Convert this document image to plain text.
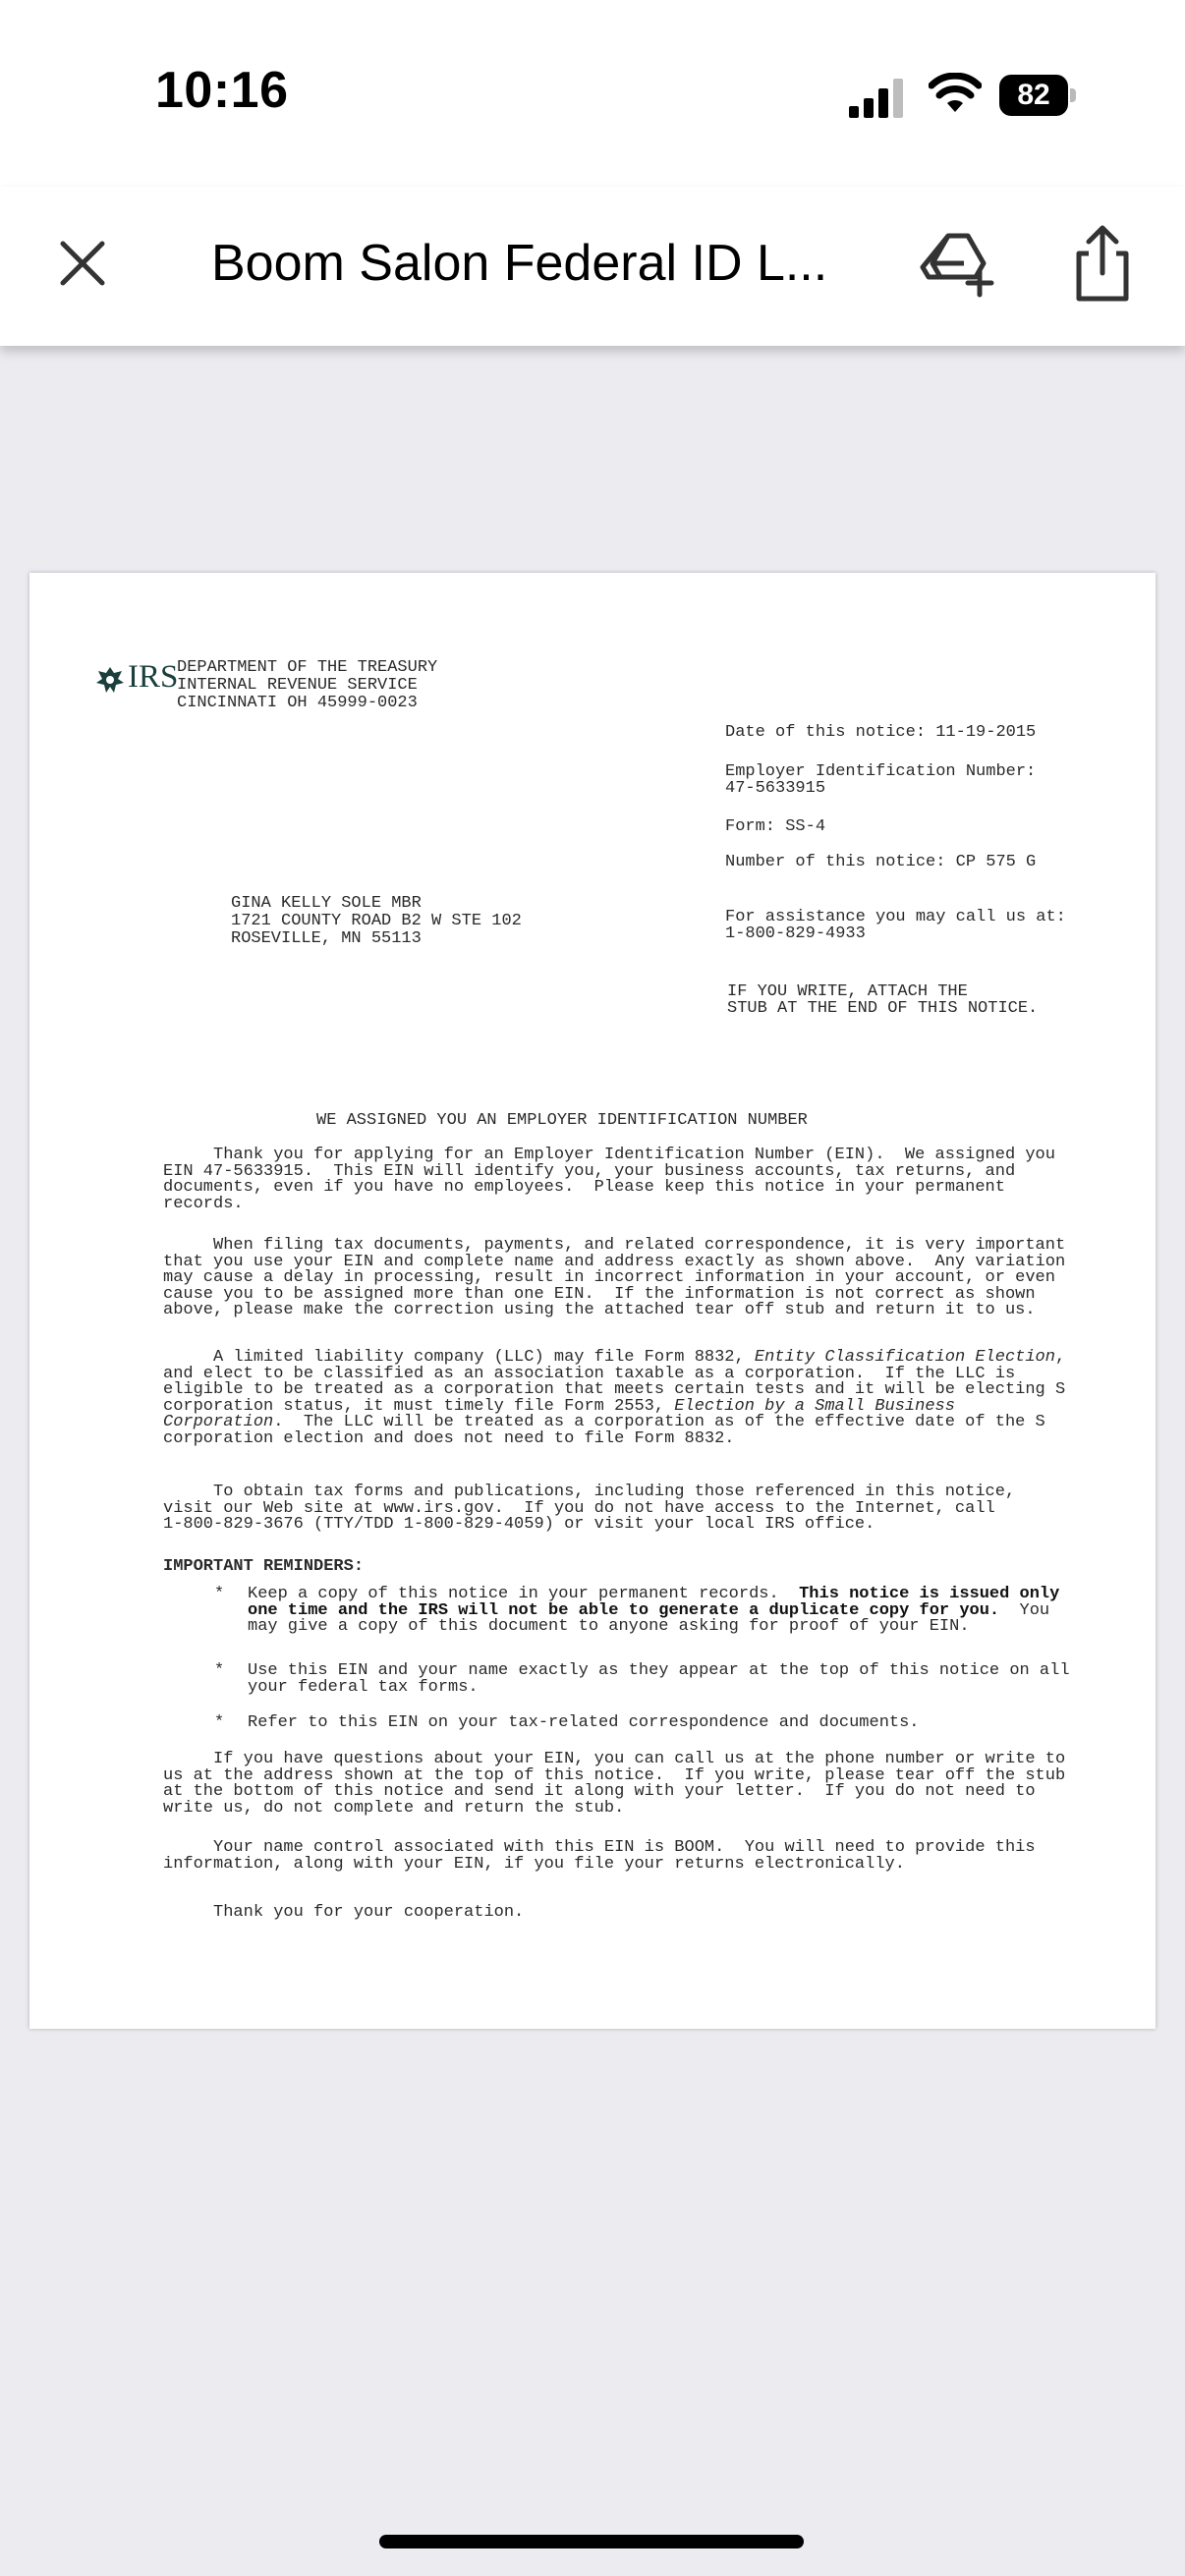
10:16	82
Boom Salon Federal ID L...
IRS
DEPARTMENT OF THE TREASURY
INTERNAL REVENUE SERVICE
CINCINNATI OH 45999-0023
Date of this notice: 11-19-2015
Employer Identification Number:
47-5633915
Form: SS-4
Number of this notice: CP 575 G
For assistance you may call us at:
1-800-829-4933
IF YOU WRITE, ATTACH THE
STUB AT THE END OF THIS NOTICE.
GINA KELLY SOLE MBR
1721 COUNTY ROAD B2 W STE 102
ROSEVILLE, MN 55113
WE ASSIGNED YOU AN EMPLOYER IDENTIFICATION NUMBER
Thank you for applying for an Employer Identification Number (EIN).  We assigned you
EIN 47-5633915.  This EIN will identify you, your business accounts, tax returns, and
documents, even if you have no employees.  Please keep this notice in your permanent
records.
When filing tax documents, payments, and related correspondence, it is very important
that you use your EIN and complete name and address exactly as shown above.  Any variation
may cause a delay in processing, result in incorrect information in your account, or even
cause you to be assigned more than one EIN.  If the information is not correct as shown
above, please make the correction using the attached tear off stub and return it to us.
A limited liability company (LLC) may file Form 8832, Entity Classification Election,
and elect to be classified as an association taxable as a corporation.  If the LLC is
eligible to be treated as a corporation that meets certain tests and it will be electing S
corporation status, it must timely file Form 2553, Election by a Small Business
Corporation.  The LLC will be treated as a corporation as of the effective date of the S
corporation election and does not need to file Form 8832.
To obtain tax forms and publications, including those referenced in this notice,
visit our Web site at www.irs.gov.  If you do not have access to the Internet, call
1-800-829-3676 (TTY/TDD 1-800-829-4059) or visit your local IRS office.
IMPORTANT REMINDERS:
* Keep a copy of this notice in your permanent records.  This notice is issued only
one time and the IRS will not be able to generate a duplicate copy for you.  You
may give a copy of this document to anyone asking for proof of your EIN.
* Use this EIN and your name exactly as they appear at the top of this notice on all
your federal tax forms.
* Refer to this EIN on your tax-related correspondence and documents.
If you have questions about your EIN, you can call us at the phone number or write to
us at the address shown at the top of this notice.  If you write, please tear off the stub
at the bottom of this notice and send it along with your letter.  If you do not need to
write us, do not complete and return the stub.
Your name control associated with this EIN is BOOM.  You will need to provide this
information, along with your EIN, if you file your returns electronically.
Thank you for your cooperation.
